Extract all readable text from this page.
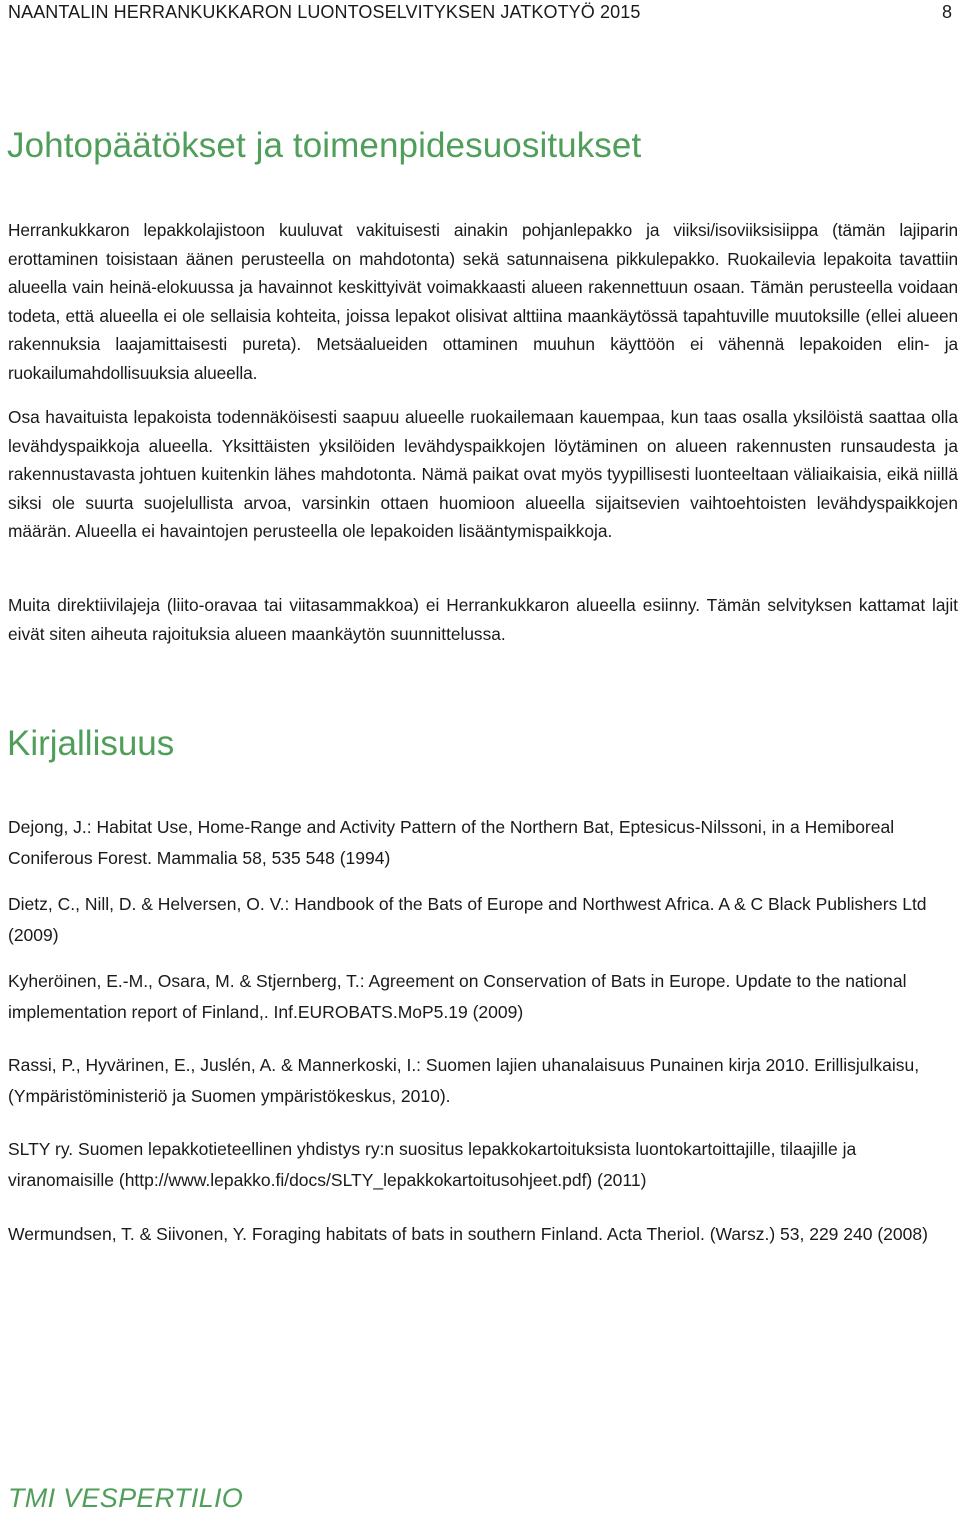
NAANTALIN HERRANKUKKARON LUONTOSELVITYKSEN JATKOTYÖ 2015	8
Johtopäätökset ja toimenpidesuositukset

Herrankukkaron lepakkolajistoon kuuluvat vakituisesti ainakin pohjanlepakko ja viiksi/isoviiksisiippa (tämän lajiparin erottaminen toisistaan äänen perusteella on mahdotonta) sekä satunnaisena pikkulepakko. Ruokailevia lepakoita tavattiin alueella vain heinä-elokuussa ja havainnot keskittyivät voimakkaasti alueen rakennettuun osaan. Tämän perusteella voidaan todeta, että alueella ei ole sellaisia kohteita, joissa lepakot olisivat alttiina maankäytössä tapahtuville muutoksille (ellei alueen rakennuksia laajamittaisesti pureta). Metsäalueiden ottaminen muuhun käyttöön ei vähennä lepakoiden elin- ja ruokailumahdollisuuksia alueella.

Osa havaituista lepakoista todennäköisesti saapuu alueelle ruokailemaan kauempaa, kun taas osalla yksilöistä saattaa olla levähdyspaikkoja alueella. Yksittäisten yksilöiden levähdyspaikkojen löytäminen on alueen rakennusten runsaudesta ja rakennustavasta johtuen kuitenkin lähes mahdotonta. Nämä paikat ovat myös tyypillisesti luonteeltaan väliaikaisia, eikä niillä siksi ole suurta suojelullista arvoa, varsinkin ottaen huomioon alueella sijaitsevien vaihtoehtoisten levähdyspaikkojen määrän. Alueella ei havaintojen perusteella ole lepakoiden lisääntymispaikkoja.

Muita direktiivilajeja (liito-oravaa tai viitasammakkoa) ei Herrankukkaron alueella esiinny. Tämän selvityksen kattamat lajit eivät siten aiheuta rajoituksia alueen maankäytön suunnittelussa.

Kirjallisuus

Dejong, J.: Habitat Use, Home-Range and Activity Pattern of the Northern Bat, Eptesicus-Nilssoni, in a Hemiboreal Coniferous Forest. Mammalia 58, 535 548 (1994)

Dietz, C., Nill, D. & Helversen, O. V.: Handbook of the Bats of Europe and Northwest Africa. A & C Black Publishers Ltd (2009)

Kyheröinen, E.-M., Osara, M. & Stjernberg, T.: Agreement on Conservation of Bats in Europe. Update to the national implementation report of Finland,. Inf.EUROBATS.MoP5.19 (2009)

Rassi, P., Hyvärinen, E., Juslén, A. & Mannerkoski, I.: Suomen lajien uhanalaisuus Punainen kirja 2010. Erillisjulkaisu, (Ympäristöministeriö ja Suomen ympäristökeskus, 2010).

SLTY ry. Suomen lepakkotieteellinen yhdistys ry:n suositus lepakkokartoituksista luontokartoittajille, tilaajille ja viranomaisille (http://www.lepakko.fi/docs/SLTY_lepakkokartoitusohjeet.pdf) (2011)

Wermundsen, T. & Siivonen, Y. Foraging habitats of bats in southern Finland. Acta Theriol. (Warsz.) 53, 229 240 (2008)

TMI VESPERTILIO
